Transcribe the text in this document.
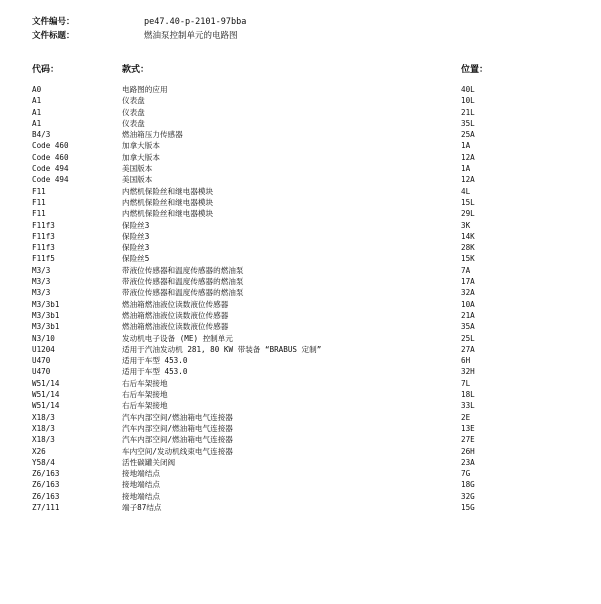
文件编号：	pe47.40-p-2101-97bba
文件标题：	燃油泵控制单元的电路图
代码：	款式：	位置：
A0	电路图的应用	40L
A1	仪表盘	10L
A1	仪表盘	21L
A1	仪表盘	35L
B4/3	燃油箱压力传感器	25A
Code 460	加拿大版本	1A
Code 460	加拿大版本	12A
Code 494	美国版本	1A
Code 494	美国版本	12A
F11	内燃机保险丝和继电器模块	4L
F11	内燃机保险丝和继电器模块	15L
F11	内燃机保险丝和继电器模块	29L
F11f3	保险丝3	3K
F11f3	保险丝3	14K
F11f3	保险丝3	28K
F11f5	保险丝5	15K
M3/3	带液位传感器和温度传感器的燃油泵	7A
M3/3	带液位传感器和温度传感器的燃油泵	17A
M3/3	带液位传感器和温度传感器的燃油泵	32A
M3/3b1	燃油箱燃油液位读数液位传感器	10A
M3/3b1	燃油箱燃油液位读数液位传感器	21A
M3/3b1	燃油箱燃油液位读数液位传感器	35A
N3/10	发动机电子设备 (ME) 控制单元	25L
U1204	适用于汽油发动机 281, 80 KW 带装备 “BRABUS 定制”	27A
U470	适用于车型 453.0	6H
U470	适用于车型 453.0	32H
W51/14	右后车架接地	7L
W51/14	右后车架接地	18L
W51/14	右后车架接地	33L
X18/3	汽车内部空间/燃油箱电气连接器	2E
X18/3	汽车内部空间/燃油箱电气连接器	13E
X18/3	汽车内部空间/燃油箱电气连接器	27E
X26	车内空间/发动机线束电气连接器	26H
Y58/4	活性碳罐关闭阀	23A
Z6/163	接地端结点	7G
Z6/163	接地端结点	18G
Z6/163	接地端结点	32G
Z7/111	端子87结点	15G
